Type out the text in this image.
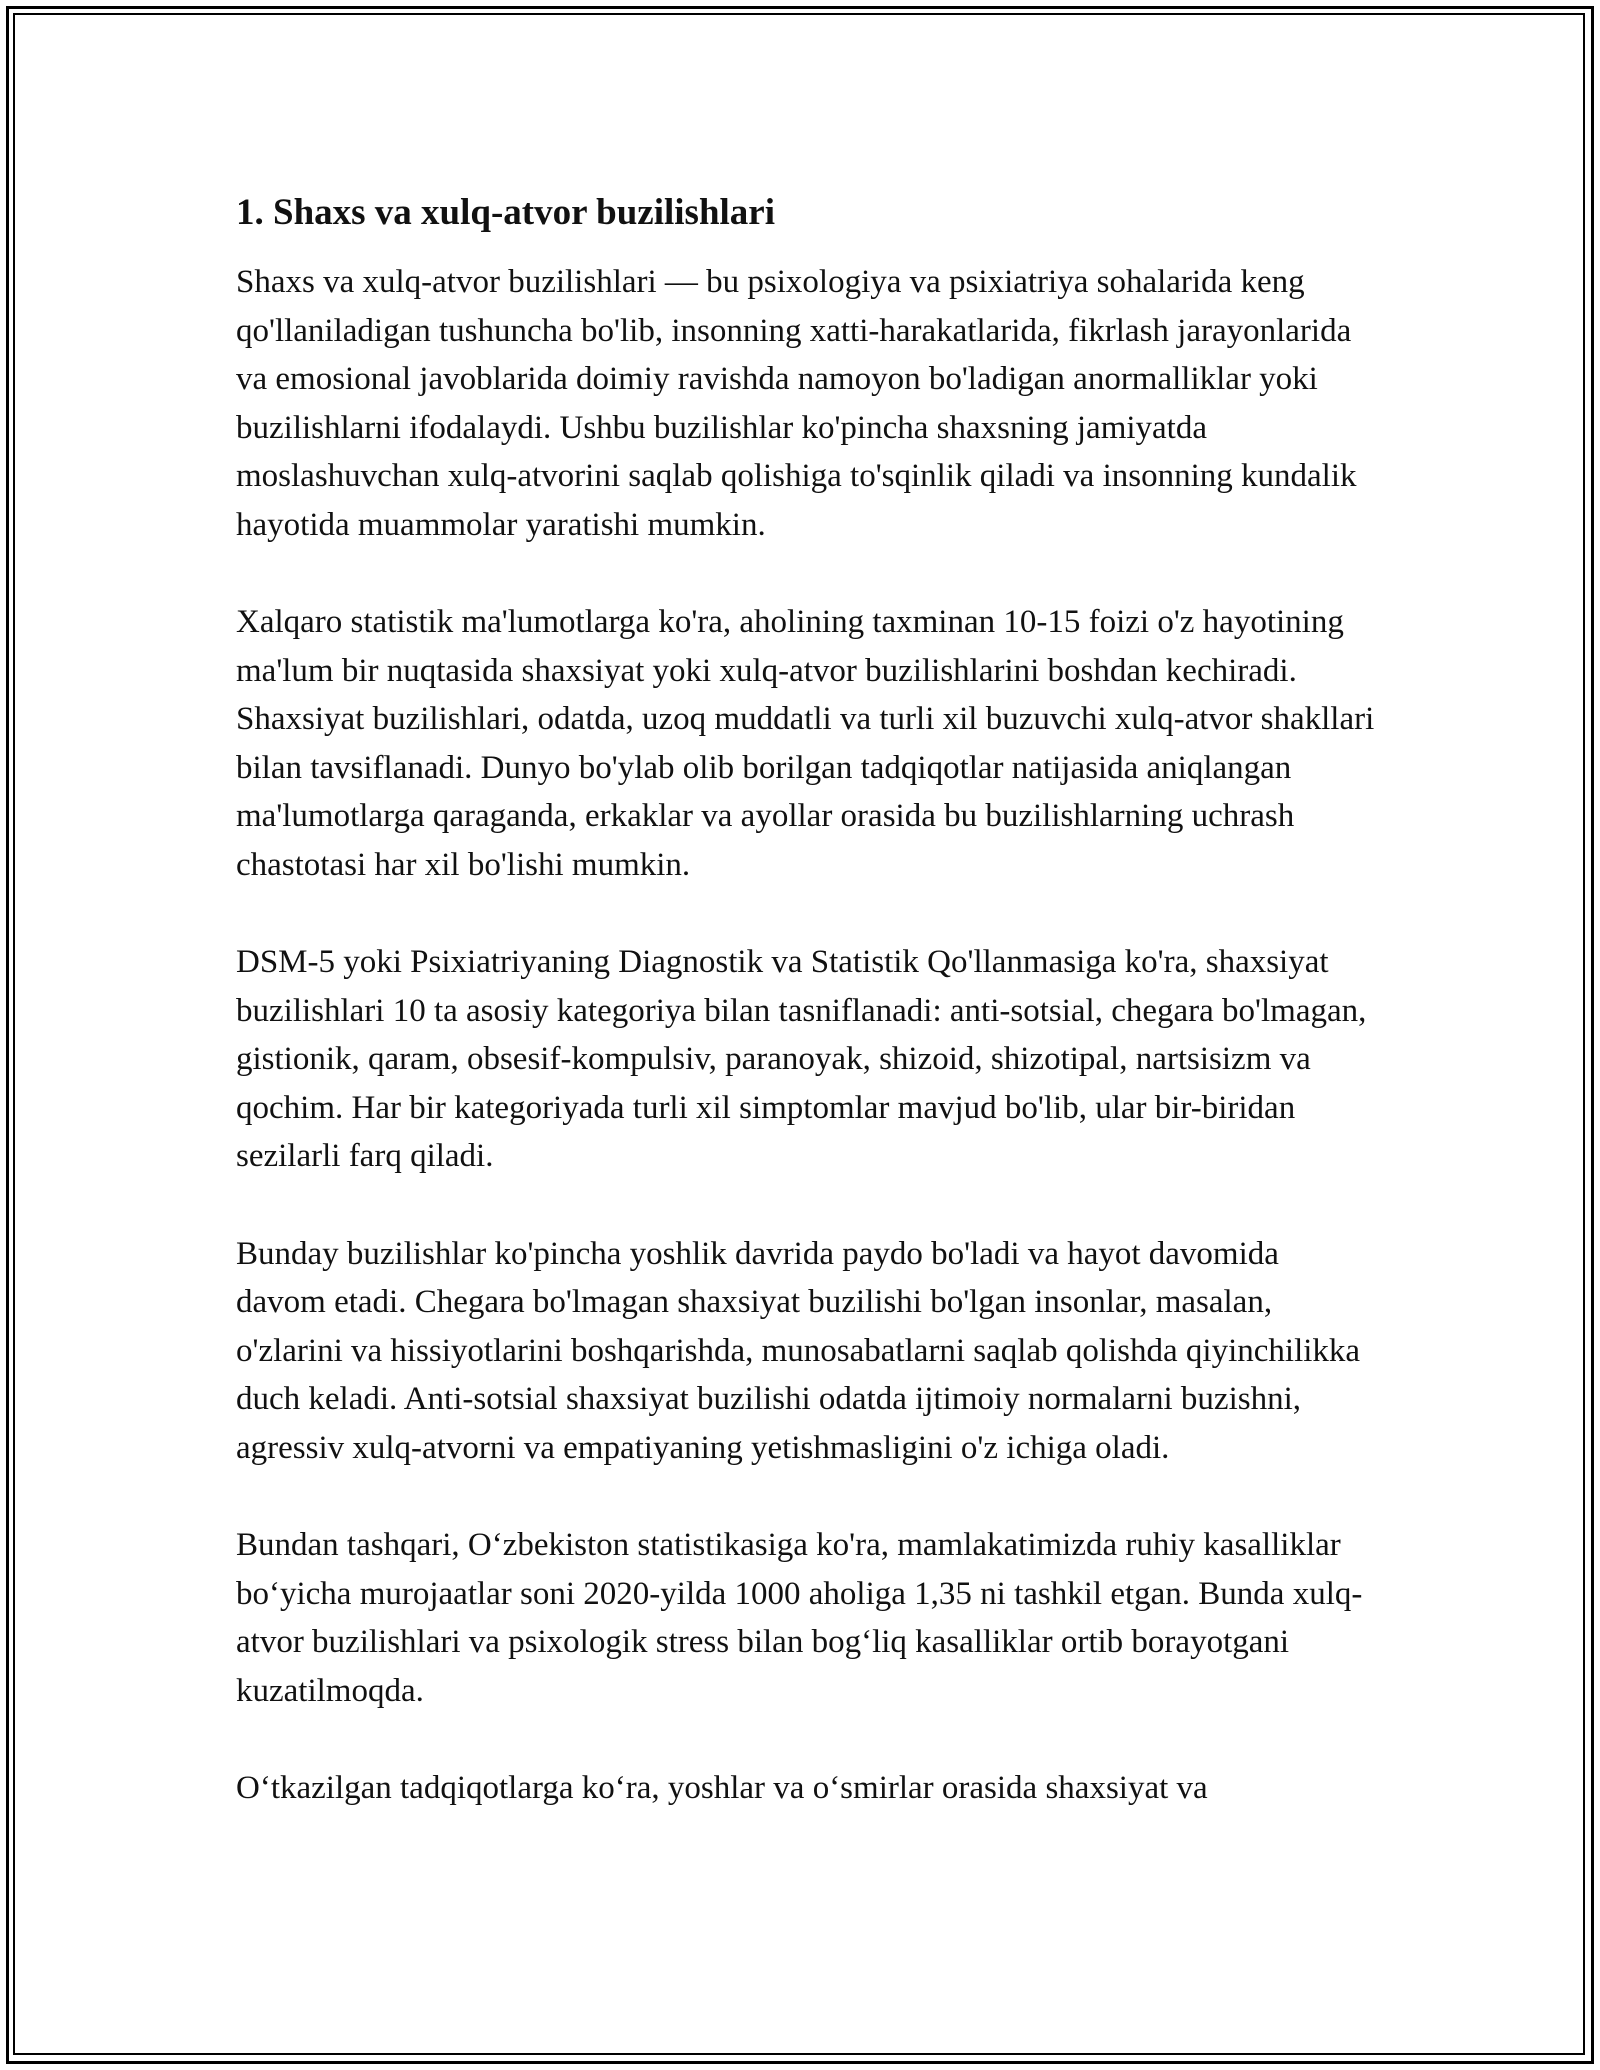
1. Shaxs va xulq-atvor buzilishlari

Shaxs va xulq-atvor buzilishlari — bu psixologiya va psixiatriya sohalarida keng qo'llaniladigan tushuncha bo'lib, insonning xatti-harakatlarida, fikrlash jarayonlarida va emosional javoblarida doimiy ravishda namoyon bo'ladigan anormalliklar yoki buzilishlarni ifodalaydi. Ushbu buzilishlar ko'pincha shaxsning jamiyatda moslashuvchan xulq-atvorini saqlab qolishiga to'sqinlik qiladi va insonning kundalik hayotida muammolar yaratishi mumkin.

Xalqaro statistik ma'lumotlarga ko'ra, aholining taxminan 10-15 foizi o'z hayotining ma'lum bir nuqtasida shaxsiyat yoki xulq-atvor buzilishlarini boshdan kechiradi. Shaxsiyat buzilishlari, odatda, uzoq muddatli va turli xil buzuvchi xulq-atvor shakllari bilan tavsiflanadi. Dunyo bo'ylab olib borilgan tadqiqotlar natijasida aniqlangan ma'lumotlarga qaraganda, erkaklar va ayollar orasida bu buzilishlarning uchrash chastotasi har xil bo'lishi mumkin.

DSM-5 yoki Psixiatriyaning Diagnostik va Statistik Qo'llanmasiga ko'ra, shaxsiyat buzilishlari 10 ta asosiy kategoriya bilan tasniflanadi: anti-sotsial, chegara bo'lmagan, gistionik, qaram, obsesif-kompulsiv, paranoyak, shizoid, shizotipal, nartsisizm va qochim. Har bir kategoriyada turli xil simptomlar mavjud bo'lib, ular bir-biridan sezilarli farq qiladi.

Bunday buzilishlar ko'pincha yoshlik davrida paydo bo'ladi va hayot davomida davom etadi. Chegara bo'lmagan shaxsiyat buzilishi bo'lgan insonlar, masalan, o'zlarini va hissiyotlarini boshqarishda, munosabatlarni saqlab qolishda qiyinchilikka duch keladi. Anti-sotsial shaxsiyat buzilishi odatda ijtimoiy normalarni buzishni, agressiv xulq-atvorni va empatiyaning yetishmasligini o'z ichiga oladi.

Bundan tashqari, O‘zbekiston statistikasiga ko'ra, mamlakatimizda ruhiy kasalliklar bo‘yicha murojaatlar soni 2020-yilda 1000 aholiga 1,35 ni tashkil etgan. Bunda xulq-atvor buzilishlari va psixologik stress bilan bog‘liq kasalliklar ortib borayotgani kuzatilmoqda.

O‘tkazilgan tadqiqotlarga ko‘ra, yoshlar va o‘smirlar orasida shaxsiyat va
